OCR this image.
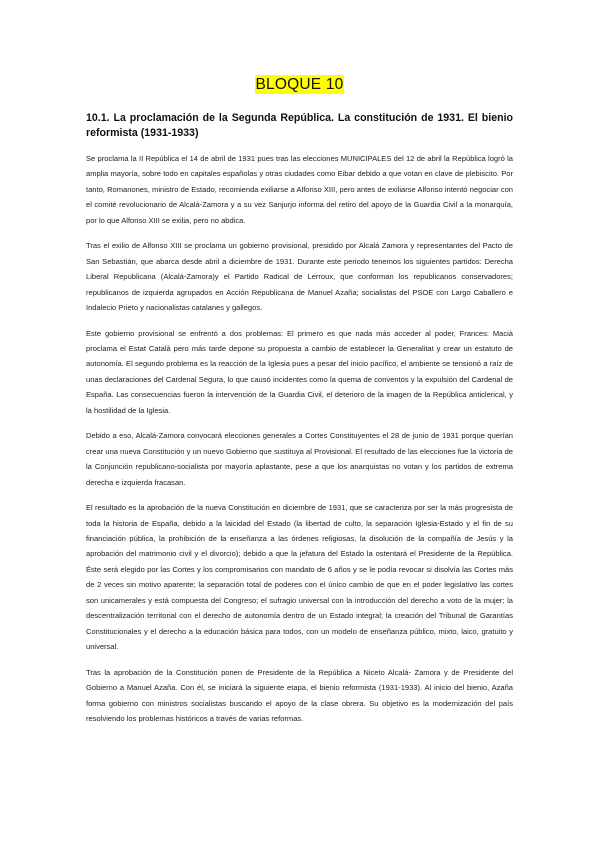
BLOQUE 10
10.1. La proclamación de la Segunda República. La constitución de 1931. El bienio reformista (1931-1933)

Se proclama la II República el 14 de abril de 1931 pues tras las elecciones MUNICIPALES del 12 de abril la República logró la amplia mayoría, sobre todo en capitales españolas y otras ciudades como Eibar debido a que votan en clave de plebiscito. Por tanto, Romanones, ministro de Estado, recomienda exiliarse a Alfonso XIII, pero antes de exiliarse Alfonso intentó negociar con el comité revolucionario de Alcalá-Zamora y a su vez Sanjurjo informa del retiro del apoyo de la Guardia Civil a la monarquía, por lo que Alfonso XIII se exilia, pero no abdica.

Tras el exilio de Alfonso XIII se proclama un gobierno provisional, presidido por Alcalá Zamora y representantes del Pacto de San Sebastián, que abarca desde abril a diciembre de 1931. Durante este periodo tenemos los siguientes partidos: Derecha Liberal Republicana (Alcalá-Zamora)y el Partido Radical de Lerroux, que conforman los republicanos conservadores; republicanos de izquierda agrupados en Acción Republicana de Manuel Azaña; socialistas del PSOE con Largo Caballero e Indalecio Prieto y nacionalistas catalanes y gallegos.

Este gobierno provisional se enfrentó a dos problemas: El primero es que nada más acceder al poder, Frances: Macià proclama el Estat Català pero más tarde depone su propuesta a cambio de establecer la Generalitat y crear un estatuto de autonomía. El segundo problema es la reacción de la Iglesia pues a pesar del inicio pacífico, el ambiente se tensionó a raíz de unas declaraciones del Cardenal Segura, lo que causó incidentes como la quema de conventos y la expulsión del Cardenal de España. Las consecuencias fueron la intervención de la Guardia Civil, el deterioro de la imagen de la República anticlerical, y la hostilidad de la Iglesia.

Debido a eso, Alcalá-Zamora convocará elecciones generales a Cortes Constituyentes el 28 de junio de 1931 porque querían crear una nueva Constitución y un nuevo Gobierno que sustituya al Provisional. El resultado de las elecciones fue la victoria de la Conjunción republicano-socialista por mayoría aplastante, pese a que los anarquistas no votan y los partidos de extrema derecha e izquierda fracasan.

El resultado es la aprobación de la nueva Constitución en diciembre de 1931, que se caracteriza por ser la más progresista de toda la historia de España, debido a la laicidad del Estado (la libertad de culto, la separación Iglesia-Estado y el fin de su financiación pública, la prohibición de la enseñanza a las órdenes religiosas, la disolución de la compañía de Jesús y la aprobación del matrimonio civil y el divorcio); debido a que la jefatura del Estado la ostentará el Presidente de la República. Éste será elegido por las Cortes y los compromisarios con mandato de 6 años y se le podía revocar si disolvía las Cortes más de 2 veces sin motivo aparente; la separación total de poderes con el único cambio de que en el poder legislativo las cortes son unicamerales y está compuesta del Congreso; el sufragio universal con la introducción del derecho a voto de la mujer; la descentralización territorial con el derecho de autonomía dentro de un Estado integral; la creación del Tribunal de Garantías Constitucionales y el derecho a la educación básica para todos, con un modelo de enseñanza público, mixto, laico, gratuito y universal.

Tras la aprobación de la Constitución ponen de Presidente de la República a Niceto Alcalá- Zamora y de Presidente del Gobierno a Manuel Azaña. Con él, se iniciará la siguiente etapa, el bienio reformista (1931-1933). Al inicio del bienio, Azaña forma gobierno con ministros socialistas buscando el apoyo de la clase obrera. Su objetivo es la modernización del país resolviendo los problemas históricos a través de varias reformas.
